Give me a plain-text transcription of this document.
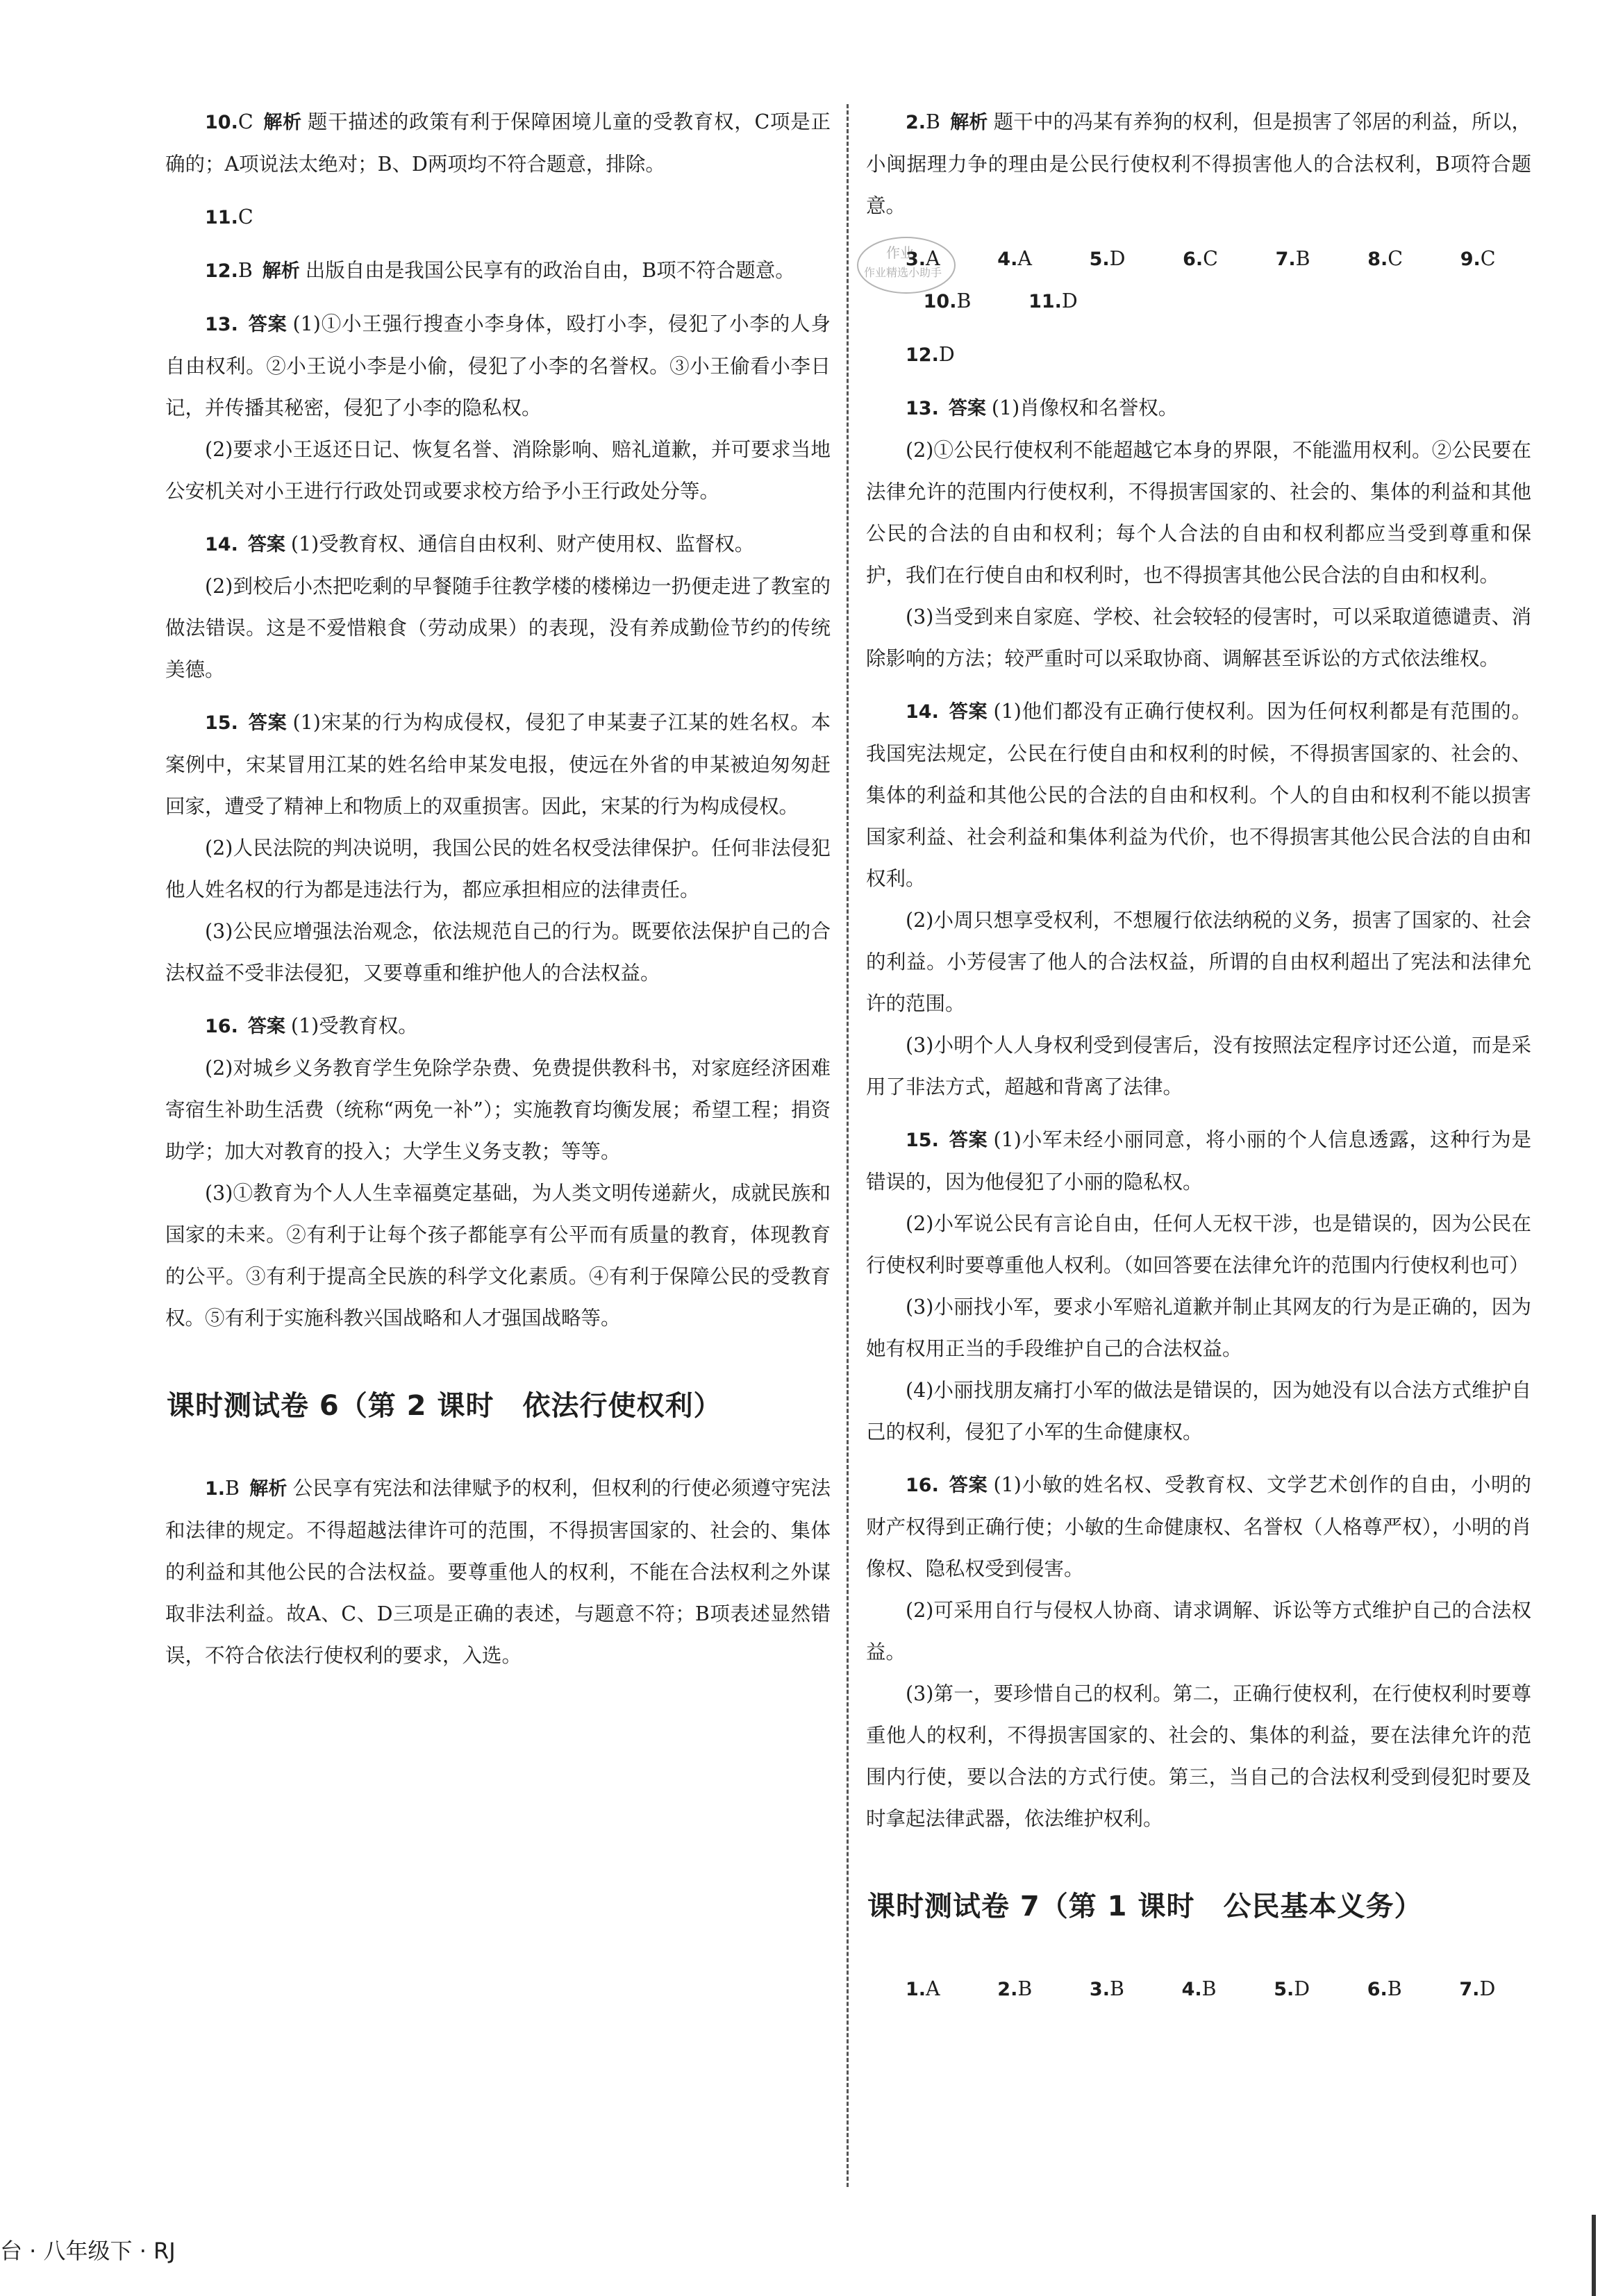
10.C 解析 题干描述的政策有利于保障困境儿童的受教育权，C项是正确的；A项说法太绝对；B、D两项均不符合题意，排除。
11.C
12.B 解析 出版自由是我国公民享有的政治自由，B项不符合题意。
13. 答案 (1)①小王强行搜查小李身体，殴打小李，侵犯了小李的人身自由权利。②小王说小李是小偷，侵犯了小李的名誉权。③小王偷看小李日记，并传播其秘密，侵犯了小李的隐私权。
(2)要求小王返还日记、恢复名誉、消除影响、赔礼道歉，并可要求当地公安机关对小王进行行政处罚或要求校方给予小王行政处分等。
14. 答案 (1)受教育权、通信自由权利、财产使用权、监督权。
(2)到校后小杰把吃剩的早餐随手往教学楼的楼梯边一扔便走进了教室的做法错误。这是不爱惜粮食（劳动成果）的表现，没有养成勤俭节约的传统美德。
15. 答案 (1)宋某的行为构成侵权，侵犯了申某妻子江某的姓名权。本案例中，宋某冒用江某的姓名给申某发电报，使远在外省的申某被迫匆匆赶回家，遭受了精神上和物质上的双重损害。因此，宋某的行为构成侵权。
(2)人民法院的判决说明，我国公民的姓名权受法律保护。任何非法侵犯他人姓名权的行为都是违法行为，都应承担相应的法律责任。
(3)公民应增强法治观念，依法规范自己的行为。既要依法保护自己的合法权益不受非法侵犯，又要尊重和维护他人的合法权益。
16. 答案 (1)受教育权。
(2)对城乡义务教育学生免除学杂费、免费提供教科书，对家庭经济困难寄宿生补助生活费（统称“两免一补”）；实施教育均衡发展；希望工程；捐资助学；加大对教育的投入；大学生义务支教；等等。
(3)①教育为个人人生幸福奠定基础，为人类文明传递薪火，成就民族和国家的未来。②有利于让每个孩子都能享有公平而有质量的教育，体现教育的公平。③有利于提高全民族的科学文化素质。④有利于保障公民的受教育权。⑤有利于实施科教兴国战略和人才强国战略等。
课时测试卷 6（第 2 课时　依法行使权利）
1.B 解析 公民享有宪法和法律赋予的权利，但权利的行使必须遵守宪法和法律的规定。不得超越法律许可的范围，不得损害国家的、社会的、集体的利益和其他公民的合法权益。要尊重他人的权利，不能在合法权利之外谋取非法利益。故A、C、D三项是正确的表述，与题意不符；B项表述显然错误，不符合依法行使权利的要求，入选。
2.B 解析 题干中的冯某有养狗的权利，但是损害了邻居的利益，所以，小闽据理力争的理由是公民行使权利不得损害他人的合法权利，B项符合题意。
3.A	4.A	5.D	6.C	7.B	8.C	9.C10.B	11.D
12.D
13. 答案 (1)肖像权和名誉权。
(2)①公民行使权利不能超越它本身的界限，不能滥用权利。②公民要在法律允许的范围内行使权利，不得损害国家的、社会的、集体的利益和其他公民的合法的自由和权利；每个人合法的自由和权利都应当受到尊重和保护，我们在行使自由和权利时，也不得损害其他公民合法的自由和权利。
(3)当受到来自家庭、学校、社会较轻的侵害时，可以采取道德谴责、消除影响的方法；较严重时可以采取协商、调解甚至诉讼的方式依法维权。
14. 答案 (1)他们都没有正确行使权利。因为任何权利都是有范围的。我国宪法规定，公民在行使自由和权利的时候，不得损害国家的、社会的、集体的利益和其他公民的合法的自由和权利。个人的自由和权利不能以损害国家利益、社会利益和集体利益为代价，也不得损害其他公民合法的自由和权利。
(2)小周只想享受权利，不想履行依法纳税的义务，损害了国家的、社会的利益。小芳侵害了他人的合法权益，所谓的自由权利超出了宪法和法律允许的范围。
(3)小明个人人身权利受到侵害后，没有按照法定程序讨还公道，而是采用了非法方式，超越和背离了法律。
15. 答案 (1)小军未经小丽同意，将小丽的个人信息透露，这种行为是错误的，因为他侵犯了小丽的隐私权。
(2)小军说公民有言论自由，任何人无权干涉，也是错误的，因为公民在行使权利时要尊重他人权利。（如回答要在法律允许的范围内行使权利也可）
(3)小丽找小军，要求小军赔礼道歉并制止其网友的行为是正确的，因为她有权用正当的手段维护自己的合法权益。
(4)小丽找朋友痛打小军的做法是错误的，因为她没有以合法方式维护自己的权利，侵犯了小军的生命健康权。
16. 答案 (1)小敏的姓名权、受教育权、文学艺术创作的自由，小明的财产权得到正确行使；小敏的生命健康权、名誉权（人格尊严权），小明的肖像权、隐私权受到侵害。
(2)可采用自行与侵权人协商、请求调解、诉讼等方式维护自己的合法权益。
(3)第一，要珍惜自己的权利。第二，正确行使权利，在行使权利时要尊重他人的权利，不得损害国家的、社会的、集体的利益，要在法律允许的范围内行使，要以合法的方式行使。第三，当自己的合法权利受到侵犯时要及时拿起法律武器，依法维护权利。
课时测试卷 7（第 1 课时　公民基本义务）
1.A	2.B	3.B	4.B	5.D	6.B	7.D
作业
作业精选小助手
台 · 八年级下 · RJ
